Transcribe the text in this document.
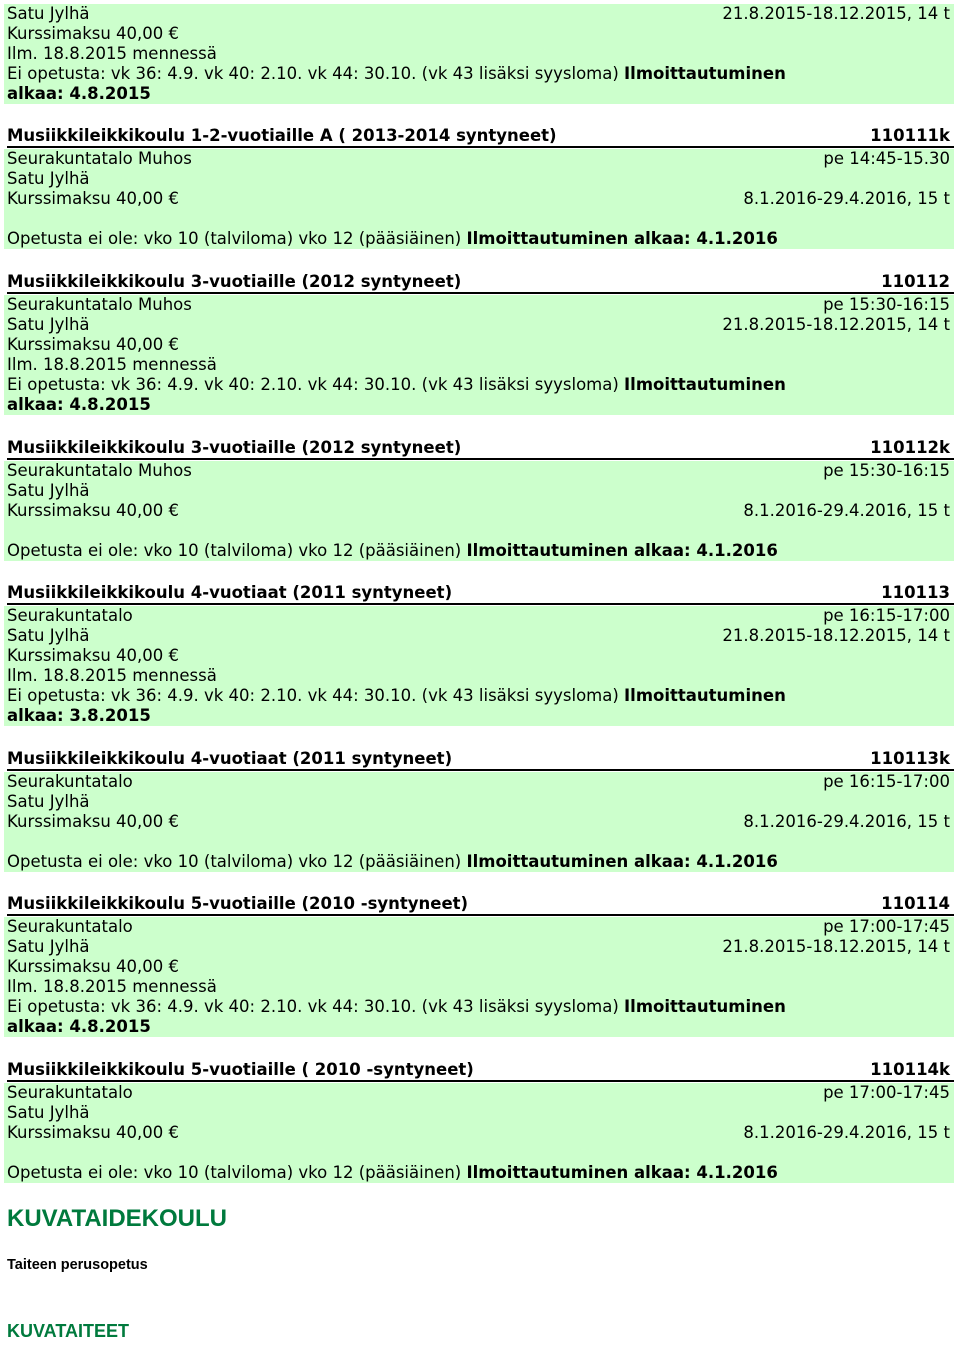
Satu Jylhä	21.8.2015-18.12.2015, 14 t
Kurssimaksu 40,00 €
Ilm. 18.8.2015 mennessä
Ei opetusta: vk 36: 4.9. vk 40: 2.10. vk 44: 30.10. (vk 43 lisäksi syysloma) Ilmoittautuminen
alkaa: 4.8.2015
Musiikkileikkikoulu 1-2-vuotiaille A ( 2013-2014 syntyneet)	110111k
Seurakuntatalo Muhos	pe 14:45-15.30
Satu Jylhä
Kurssimaksu 40,00 €	8.1.2016-29.4.2016, 15 t
Opetusta ei ole: vko 10 (talviloma) vko 12 (pääsiäinen) Ilmoittautuminen alkaa: 4.1.2016
Musiikkileikkikoulu 3-vuotiaille (2012 syntyneet)	110112
Seurakuntatalo Muhos	pe 15:30-16:15
Satu Jylhä	21.8.2015-18.12.2015, 14 t
Kurssimaksu 40,00 €
Ilm. 18.8.2015 mennessä
Ei opetusta: vk 36: 4.9. vk 40: 2.10. vk 44: 30.10. (vk 43 lisäksi syysloma) Ilmoittautuminen
alkaa: 4.8.2015
Musiikkileikkikoulu 3-vuotiaille (2012 syntyneet)	110112k
Seurakuntatalo Muhos	pe 15:30-16:15
Satu Jylhä
Kurssimaksu 40,00 €	8.1.2016-29.4.2016, 15 t
Opetusta ei ole: vko 10 (talviloma) vko 12 (pääsiäinen) Ilmoittautuminen alkaa: 4.1.2016
Musiikkileikkikoulu 4-vuotiaat (2011 syntyneet)	110113
Seurakuntatalo	pe 16:15-17:00
Satu Jylhä	21.8.2015-18.12.2015, 14 t
Kurssimaksu 40,00 €
Ilm. 18.8.2015 mennessä
Ei opetusta: vk 36: 4.9. vk 40: 2.10. vk 44: 30.10. (vk 43 lisäksi syysloma) Ilmoittautuminen
alkaa: 3.8.2015
Musiikkileikkikoulu 4-vuotiaat (2011 syntyneet)	110113k
Seurakuntatalo	pe 16:15-17:00
Satu Jylhä
Kurssimaksu 40,00 €	8.1.2016-29.4.2016, 15 t
Opetusta ei ole: vko 10 (talviloma) vko 12 (pääsiäinen) Ilmoittautuminen alkaa: 4.1.2016
Musiikkileikkikoulu 5-vuotiaille (2010 -syntyneet)	110114
Seurakuntatalo	pe 17:00-17:45
Satu Jylhä	21.8.2015-18.12.2015, 14 t
Kurssimaksu 40,00 €
Ilm. 18.8.2015 mennessä
Ei opetusta: vk 36: 4.9. vk 40: 2.10. vk 44: 30.10. (vk 43 lisäksi syysloma) Ilmoittautuminen
alkaa: 4.8.2015
Musiikkileikkikoulu 5-vuotiaille ( 2010 -syntyneet)	110114k
Seurakuntatalo	pe 17:00-17:45
Satu Jylhä
Kurssimaksu 40,00 €	8.1.2016-29.4.2016, 15 t
Opetusta ei ole: vko 10 (talviloma) vko 12 (pääsiäinen) Ilmoittautuminen alkaa: 4.1.2016
KUVATAIDEKOULU
Taiteen perusopetus
KUVATAITEET
